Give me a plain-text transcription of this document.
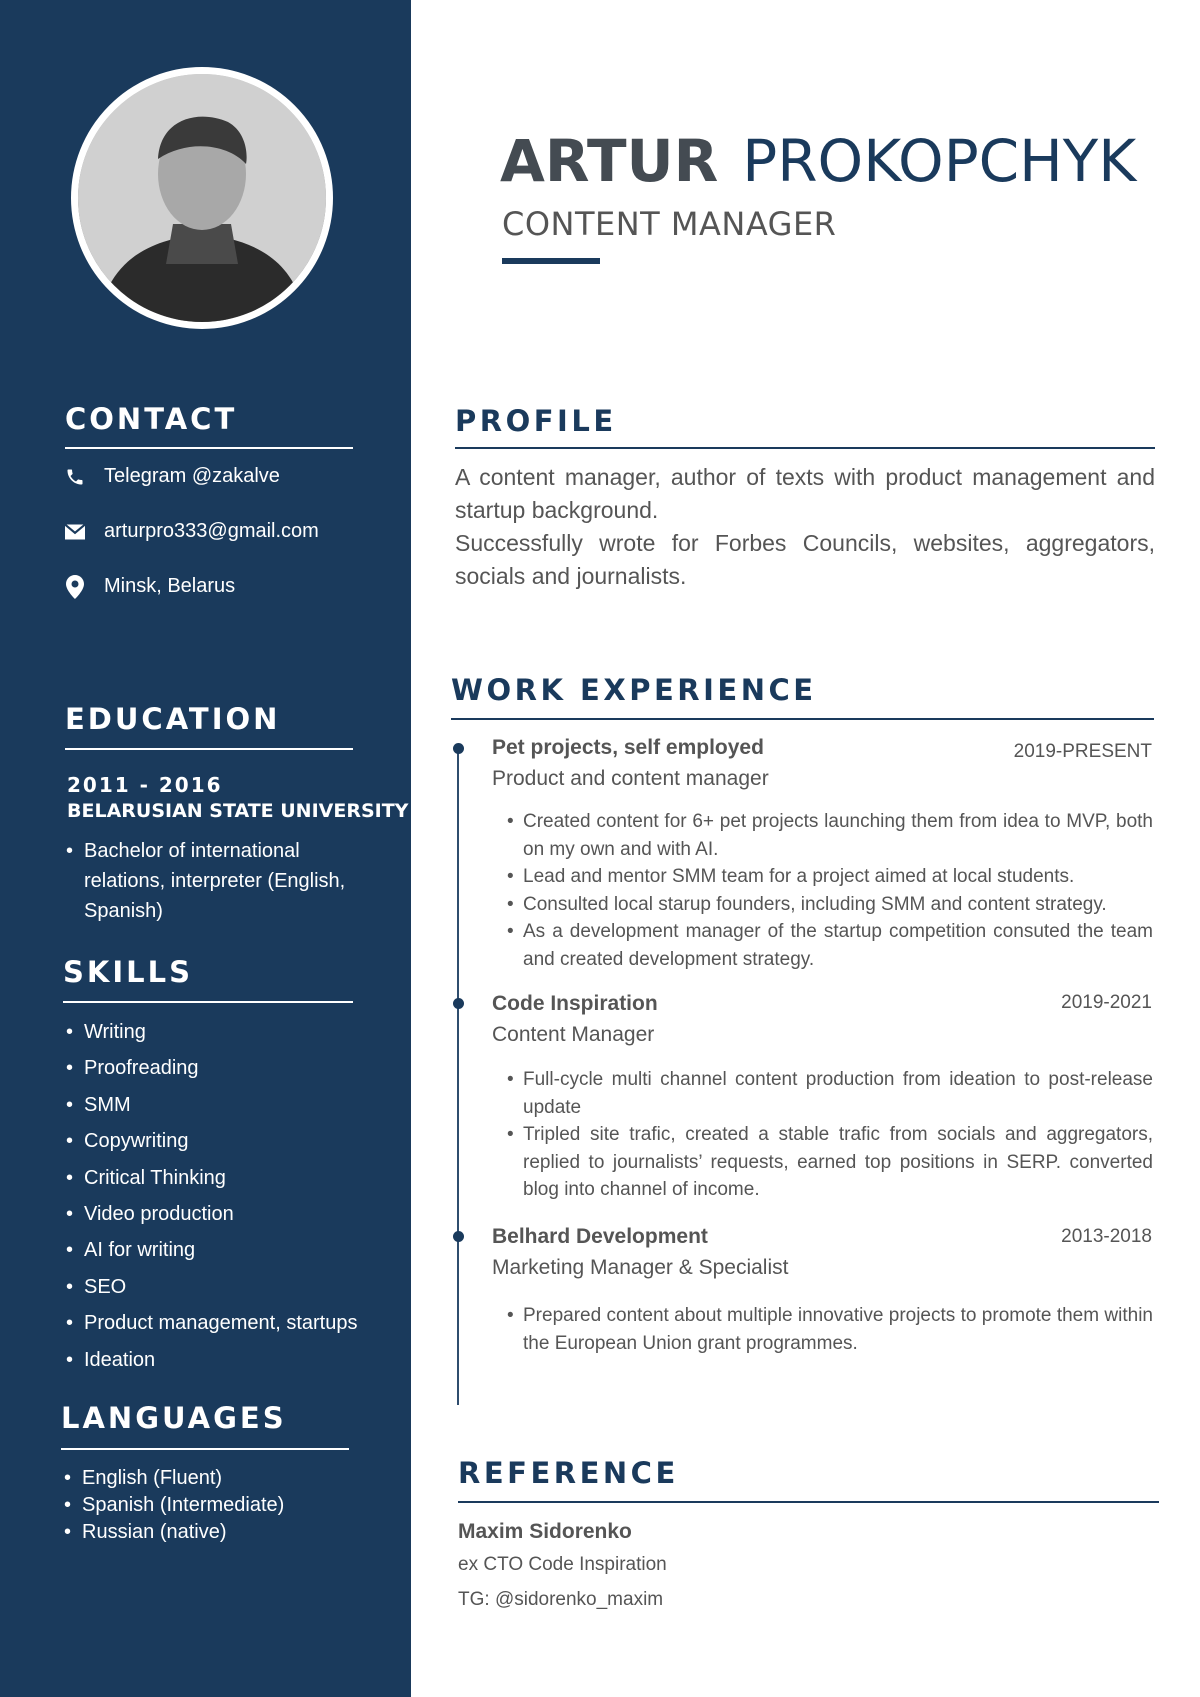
CONTACT
Telegram @zakalve
arturpro333@gmail.com
Minsk, Belarus
EDUCATION

2011 - 2016

BELARUSIAN STATE UNIVERSITY

• Bachelor of international relations, interpreter (English, Spanish)
SKILLS
• Writing
• Proofreading
• SMM
• Copywriting
• Critical Thinking
• Video production
• AI for writing
• SEO
• Product management, startups
• Ideation
LANGUAGES
• English (Fluent)
• Spanish (Intermediate)
• Russian (native)
ARTUR PROKOPCHYK

CONTENT MANAGER

PROFILE
A content manager, author of texts with product management and startup background.
Successfully wrote for Forbes Councils, websites, aggregators, socials and journalists.
WORK EXPERIENCE

Pet projects, self employed	2019-PRESENT

Product and content manager

• Created content for 6+ pet projects launching them from idea to MVP, both on my own and with AI.
• Lead and mentor SMM team for a project aimed at local students.
• Consulted local starup founders, including SMM and content strategy.
• As a development manager of the startup competition consuted the team and created development strategy.

Code Inspiration	2019-2021

Content Manager

• Full-cycle multi channel content production from ideation to post-release update
• Tripled site trafic, created a stable trafic from socials and aggregators, replied to journalists’ requests, earned top positions in SERP. converted blog into channel of income.

Belhard Development	2013-2018

Marketing Manager & Specialist

• Prepared content about multiple innovative projects to promote them within the European Union grant programmes.
REFERENCE

Maxim Sidorenko

ex CTO Code Inspiration

TG: @sidorenko_maxim
